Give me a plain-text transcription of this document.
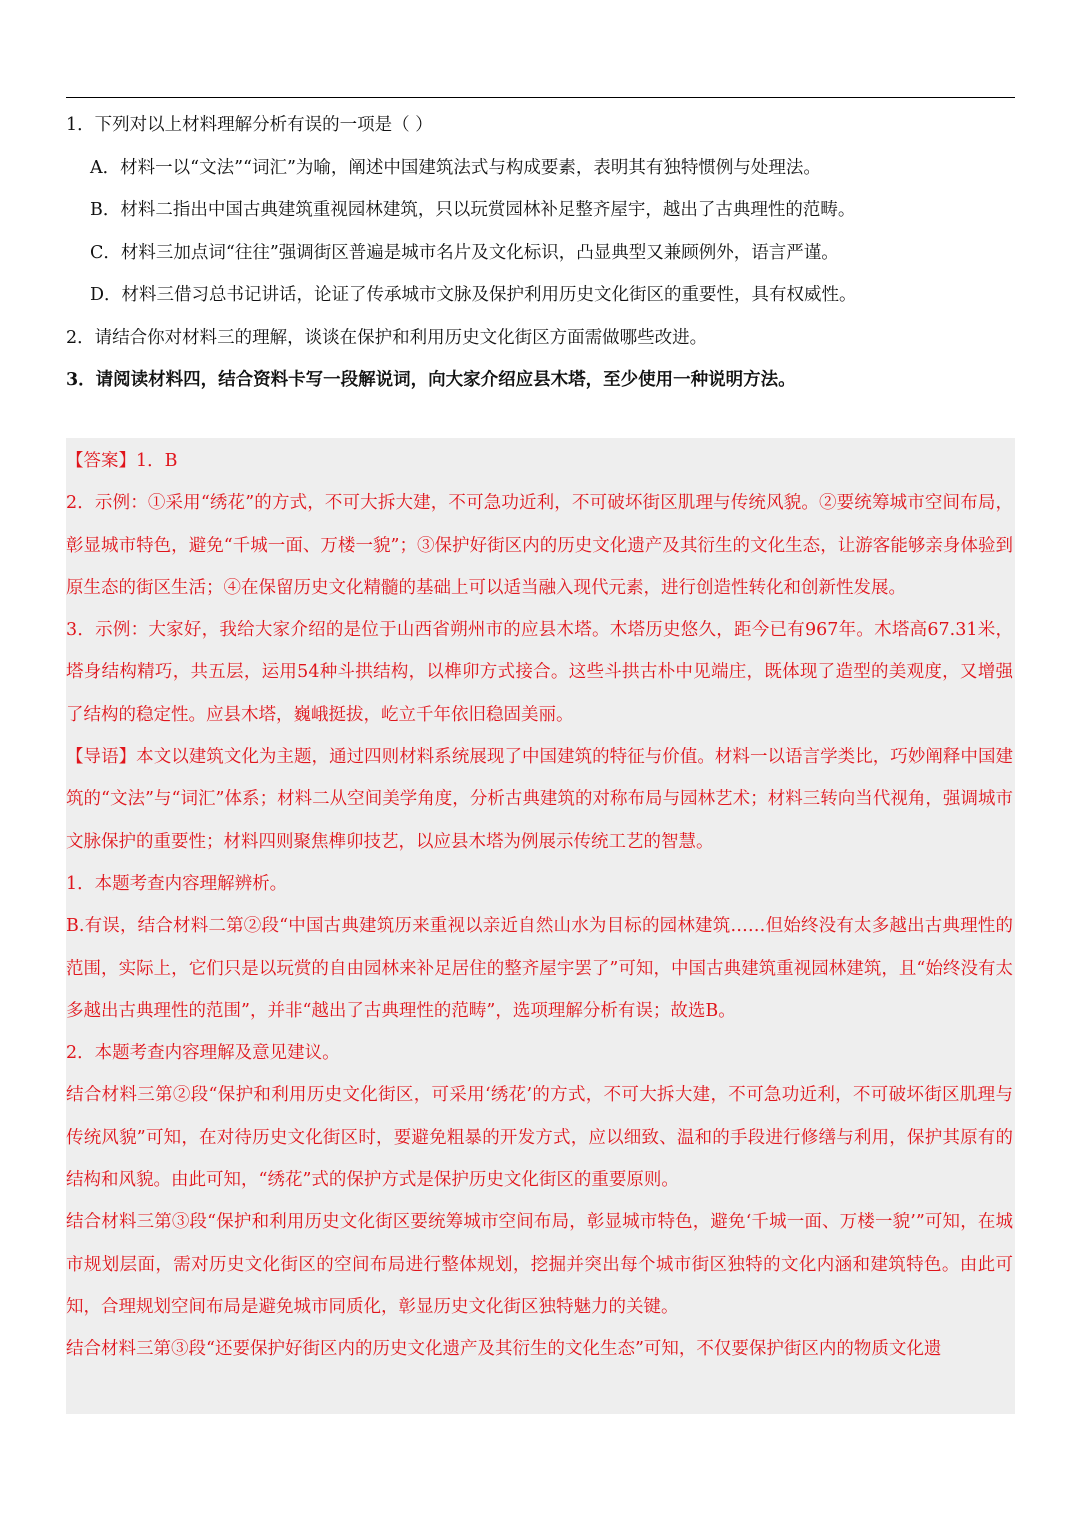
1．下列对以上材料理解分析有误的一项是（ ）
A．材料一以“文法”“词汇”为喻，阐述中国建筑法式与构成要素，表明其有独特惯例与处理法。
B．材料二指出中国古典建筑重视园林建筑，只以玩赏园林补足整齐屋宇，越出了古典理性的范畴。
C．材料三加点词“往往”强调街区普遍是城市名片及文化标识，凸显典型又兼顾例外，语言严谨。
D．材料三借习总书记讲话，论证了传承城市文脉及保护利用历史文化街区的重要性，具有权威性。
2．请结合你对材料三的理解，谈谈在保护和利用历史文化街区方面需做哪些改进。
3．请阅读材料四，结合资料卡写一段解说词，向大家介绍应县木塔，至少使用一种说明方法。

【答案】1．B

2．示例：①采用“绣花”的方式，不可大拆大建，不可急功近利，不可破坏街区肌理与传统风貌。②要统筹城市空间布局，彰显城市特色，避免“千城一面、万楼一貌”；③保护好街区内的历史文化遗产及其衍生的文化生态，让游客能够亲身体验到原生态的街区生活；④在保留历史文化精髓的基础上可以适当融入现代元素，进行创造性转化和创新性发展。

3．示例：大家好，我给大家介绍的是位于山西省朔州市的应县木塔。木塔历史悠久，距今已有967年。木塔高67.31米，塔身结构精巧，共五层，运用54种斗拱结构，以榫卯方式接合。这些斗拱古朴中见端庄，既体现了造型的美观度，又增强了结构的稳定性。应县木塔，巍峨挺拔，屹立千年依旧稳固美丽。

【导语】本文以建筑文化为主题，通过四则材料系统展现了中国建筑的特征与价值。材料一以语言学类比，巧妙阐释中国建筑的“文法”与“词汇”体系；材料二从空间美学角度，分析古典建筑的对称布局与园林艺术；材料三转向当代视角，强调城市文脉保护的重要性；材料四则聚焦榫卯技艺，以应县木塔为例展示传统工艺的智慧。

1．本题考查内容理解辨析。

B.有误，结合材料二第②段“中国古典建筑历来重视以亲近自然山水为目标的园林建筑……但始终没有太多越出古典理性的范围，实际上，它们只是以玩赏的自由园林来补足居住的整齐屋宇罢了”可知，中国古典建筑重视园林建筑，且“始终没有太多越出古典理性的范围”，并非“越出了古典理性的范畴”，选项理解分析有误；故选B。

2．本题考查内容理解及意见建议。

结合材料三第②段“保护和利用历史文化街区，可采用‘绣花’的方式，不可大拆大建，不可急功近利，不可破坏街区肌理与传统风貌”可知，在对待历史文化街区时，要避免粗暴的开发方式，应以细致、温和的手段进行修缮与利用，保护其原有的结构和风貌。由此可知，“绣花”式的保护方式是保护历史文化街区的重要原则。

结合材料三第③段“保护和利用历史文化街区要统筹城市空间布局，彰显城市特色，避免‘千城一面、万楼一貌’”可知，在城市规划层面，需对历史文化街区的空间布局进行整体规划，挖掘并突出每个城市街区独特的文化内涵和建筑特色。由此可知，合理规划空间布局是避免城市同质化，彰显历史文化街区独特魅力的关键。

结合材料三第③段“还要保护好街区内的历史文化遗产及其衍生的文化生态”可知，不仅要保护街区内的物质文化遗
